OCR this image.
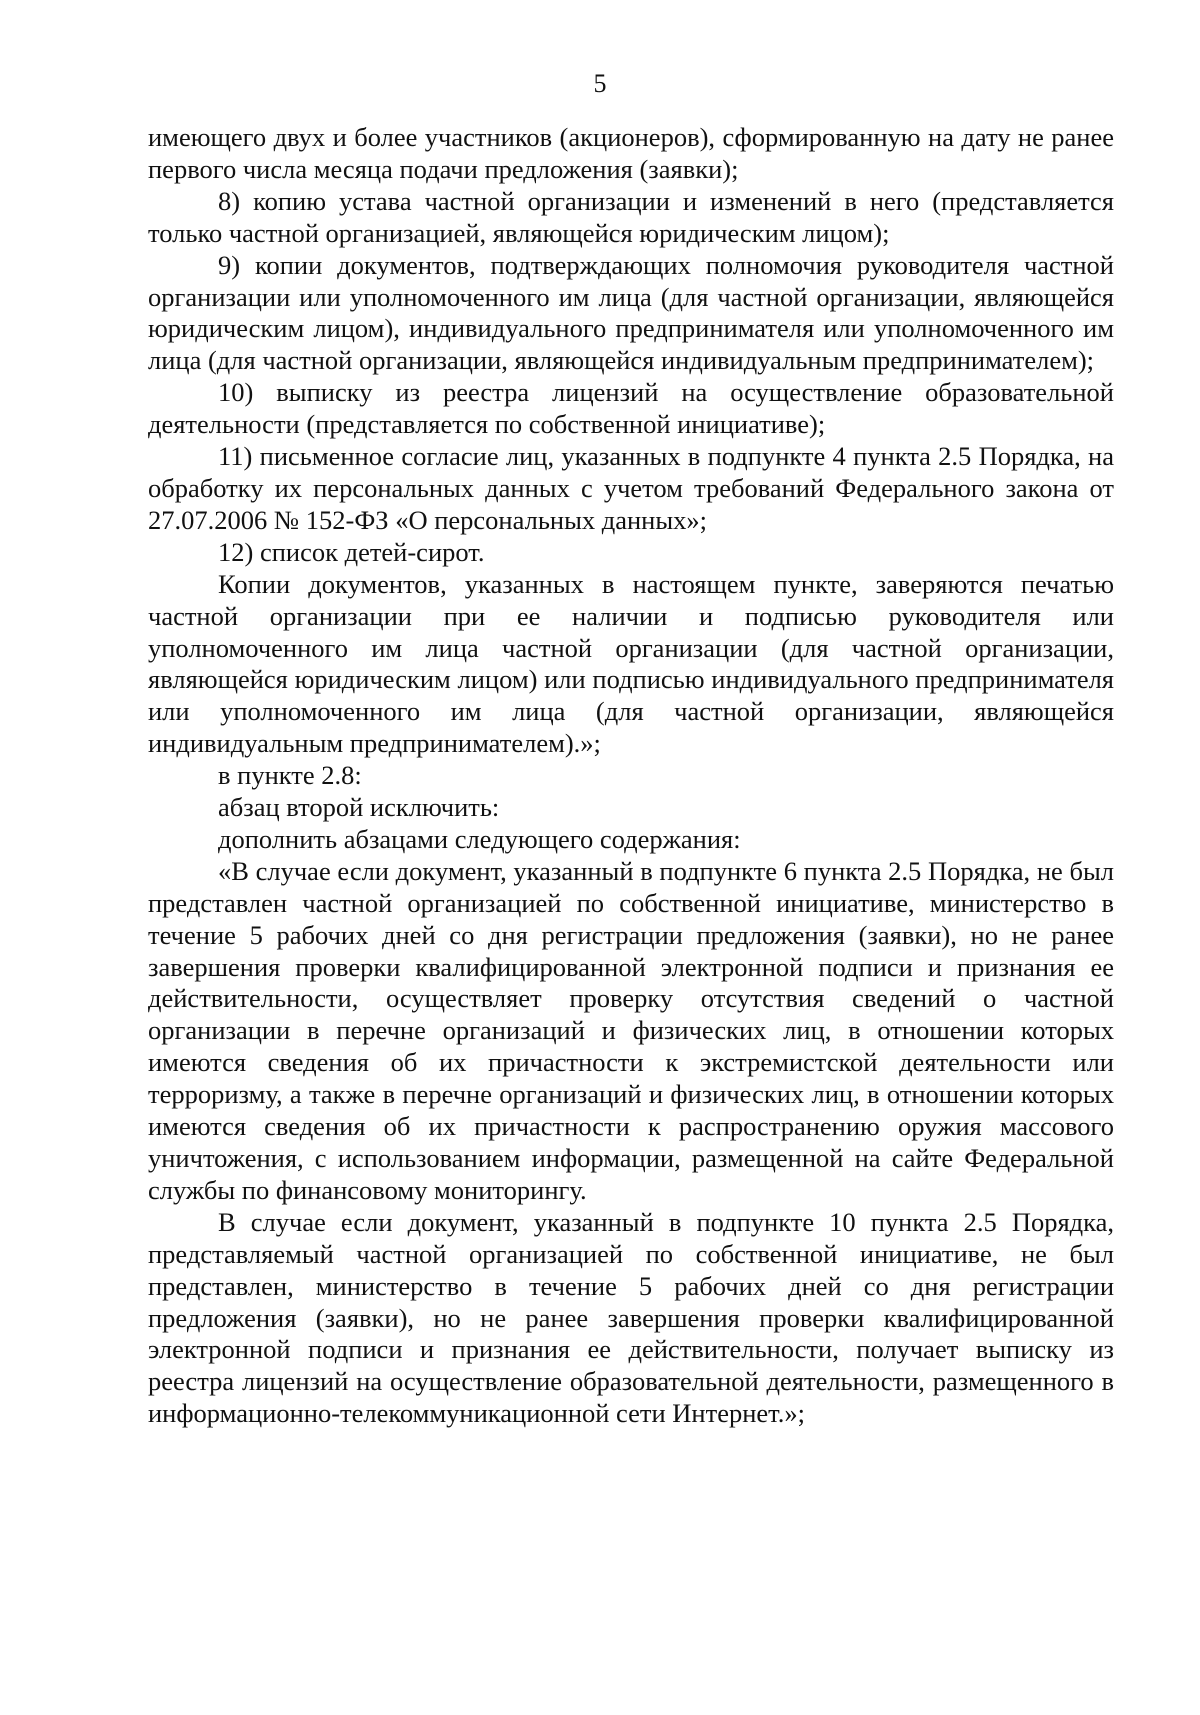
5

имеющего двух и более участников (акционеров), сформированную на дату не ранее первого числа месяца подачи предложения (заявки);

8) копию устава частной организации и изменений в него (представляется только частной организацией, являющейся юридическим лицом);

9) копии документов, подтверждающих полномочия руководителя частной организации или уполномоченного им лица (для частной организации, являющейся юридическим лицом), индивидуального предпринимателя или уполномоченного им лица (для частной организации, являющейся индивидуальным предпринимателем);

10) выписку из реестра лицензий на осуществление образовательной деятельности (представляется по собственной инициативе);

11) письменное согласие лиц, указанных в подпункте 4 пункта 2.5 Порядка, на обработку их персональных данных с учетом требований Федерального закона от 27.07.2006 № 152-ФЗ «О персональных данных»;

12) список детей-сирот.

Копии документов, указанных в настоящем пункте, заверяются печатью частной организации при ее наличии и подписью руководителя или уполномоченного им лица частной организации (для частной организации, являющейся юридическим лицом) или подписью индивидуального предпринимателя или уполномоченного им лица (для частной организации, являющейся индивидуальным предпринимателем).»;

в пункте 2.8:

абзац второй исключить:

дополнить абзацами следующего содержания:

«В случае если документ, указанный в подпункте 6 пункта 2.5 Порядка, не был представлен частной организацией по собственной инициативе, министерство в течение 5 рабочих дней со дня регистрации предложения (заявки), но не ранее завершения проверки квалифицированной электронной подписи и признания ее действительности, осуществляет проверку отсутствия сведений о частной организации в перечне организаций и физических лиц, в отношении которых имеются сведения об их причастности к экстремистской деятельности или терроризму, а также в перечне организаций и физических лиц, в отношении которых имеются сведения об их причастности к распространению оружия массового уничтожения, с использованием информации, размещенной на сайте Федеральной службы по финансовому мониторингу.

В случае если документ, указанный в подпункте 10 пункта 2.5 Порядка, представляемый частной организацией по собственной инициативе, не был представлен, министерство в течение 5 рабочих дней со дня регистрации предложения (заявки), но не ранее завершения проверки квалифицированной электронной подписи и признания ее действительности, получает выписку из реестра лицензий на осуществление образовательной деятельности, размещенного в информационно-телекоммуникационной сети Интернет.»;
